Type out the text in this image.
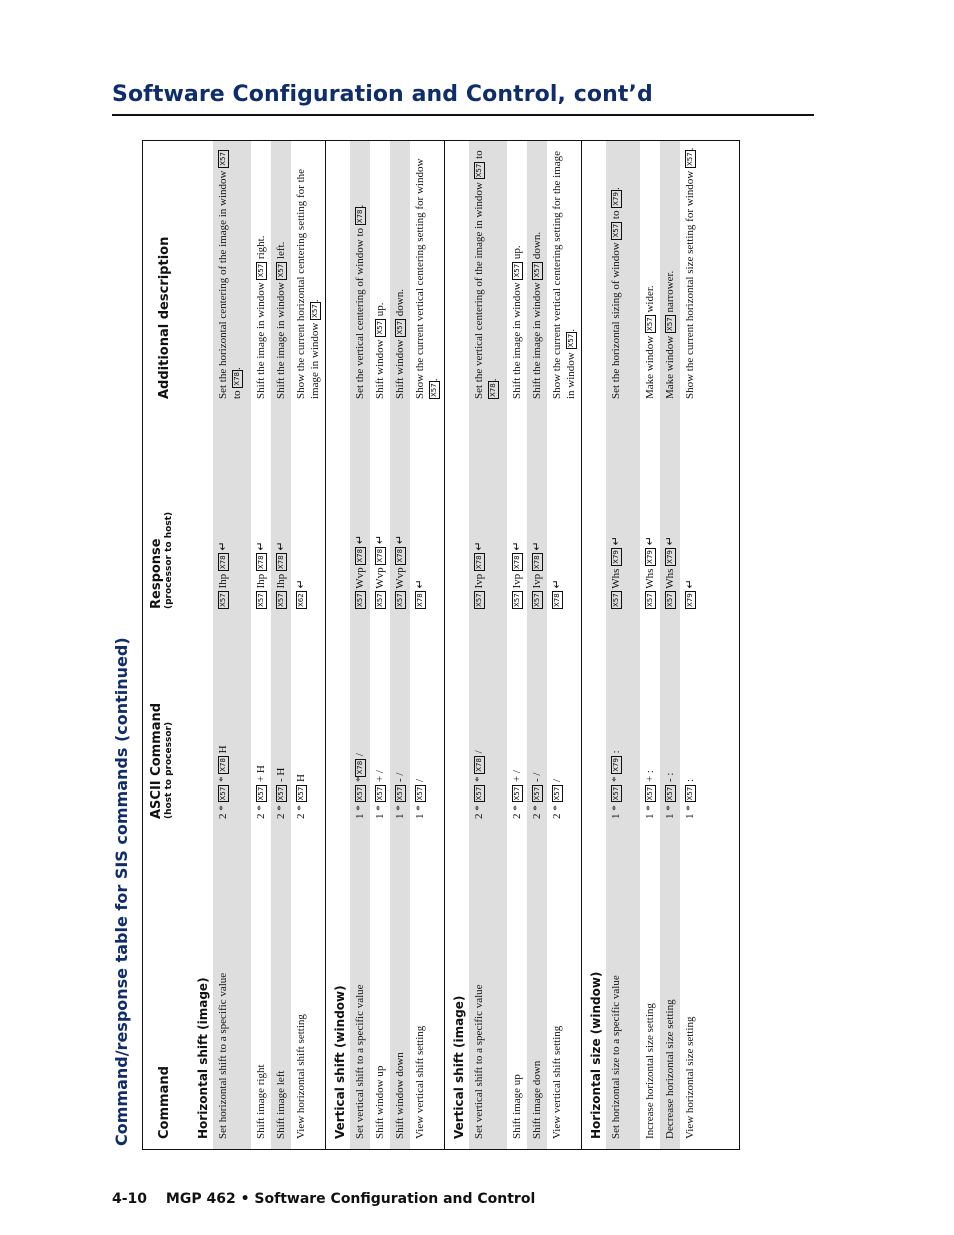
Software Configuration and Control, cont’d
Command/response table for SIS commands (continued) Command
ASCII Command (host to processor)
Response (processor to host)
Additional description
Horizontal shift (image) Set horizontal shift to a specific value
2 * X57 * X78 H
X57 Ihp X78 ↵
Set the horizontal centering of the image in window X57 to X78.
Shift image right
2 * X57 + H
X57 Ihp X78 ↵
Shift the image in window X57 right.
Shift image left
2 * X57 - H
X57 Ihp X78 ↵
Shift the image in window X57 left.
View horizontal shift setting
2 * X57 H
X62 ↵
Show the current horizontal centering setting for the image in window X57.
Vertical shift (window) Set vertical shift to a specific value
1 * X57 *X78 /
X57 Wvp X78 ↵
Set the vertical centering of window to X78.
Shift window up
1 * X57 + /
X57 Wvp X78 ↵
Shift window X57 up.
Shift window down
1 * X57 - /
X57 Wvp X78 ↵
Shift window X57 down.
View vertical shift setting
1 * X57 /
X78 ↵
Show the current vertical centering setting for window X57.
Vertical shift (image) Set vertical shift to a specific value
2 * X57 * X78 /
X57 Ivp X78 ↵
Set the vertical centering of the image in window X57 to X78.
Shift image up
2 * X57 + /
X57 Ivp X78 ↵
Shift the image in window X57 up.
Shift image down
2 * X57 - /
X57 Ivp X78 ↵
Shift the image in window X57 down.
View vertical shift setting
2 * X57 /
X78 ↵
Show the current vertical centering setting for the image in window X57.
Horizontal size (window) Set horizontal size to a specific value
1 * X57 * X79 :
X57 Whs X79 ↵
Set the horizontal sizing of window X57 to X79.
Increase horizontal size setting
1 * X57 + :
X57 Whs X79 ↵
Make window X57 wider.
Decrease horizontal size setting
1 * X57 - :
X57 Whs X79 ↵
Make window X57 narrower.
View horizontal size setting
1 * X57 :
X79 ↵
Show the current horizontal size setting for window X57.
4-10 MGP 462 • Software Configuration and Control
